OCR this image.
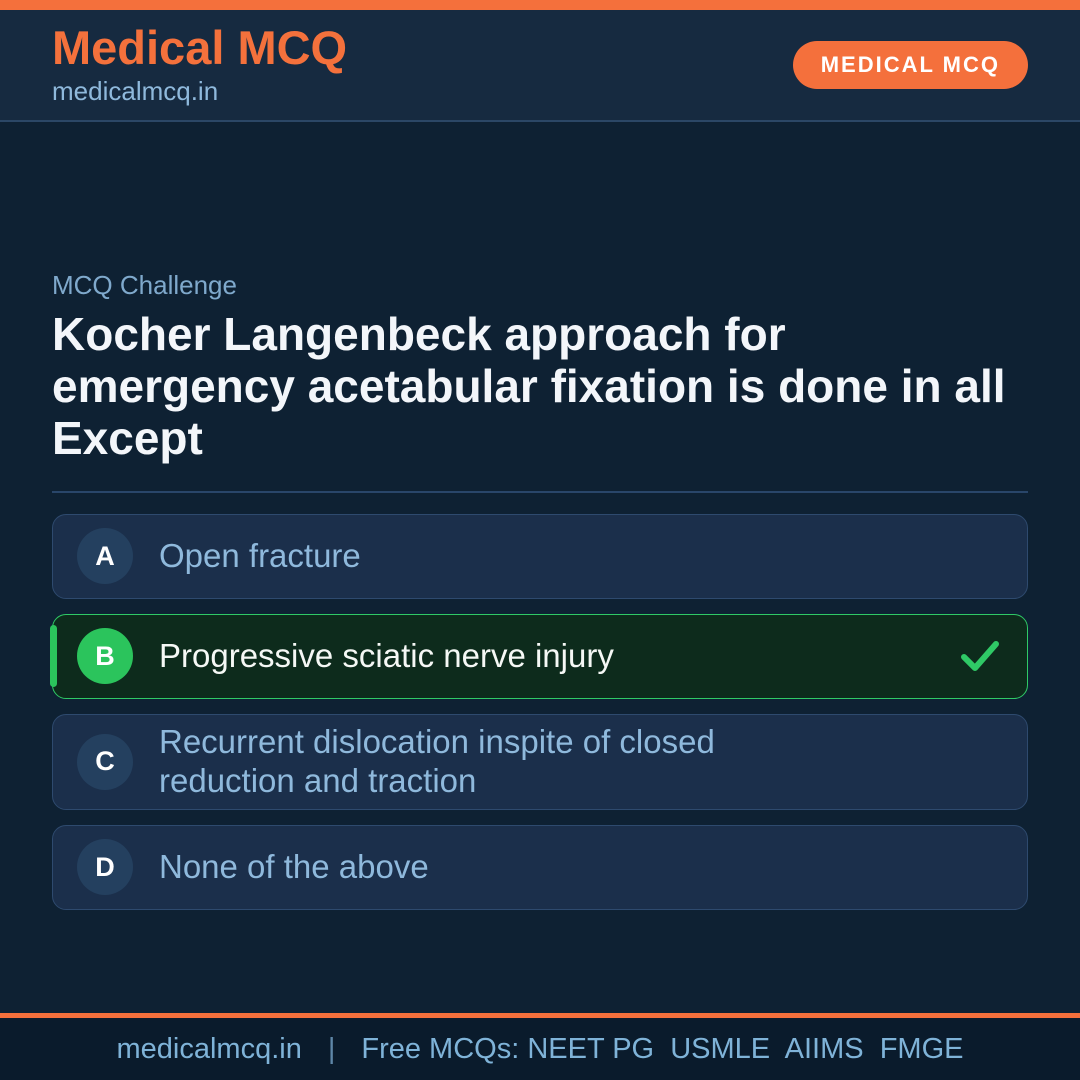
Medical MCQ
medicalmcq.in
MEDICAL MCQ
MCQ Challenge
Kocher Langenbeck approach for emergency acetabular fixation is done in all Except
A	Open fracture
B	Progressive sciatic nerve injury
C
Recurrent dislocation inspite of closed reduction and traction
D	None of the above
medicalmcq.in | Free MCQs: NEET PG  USMLE  AIIMS  FMGE
